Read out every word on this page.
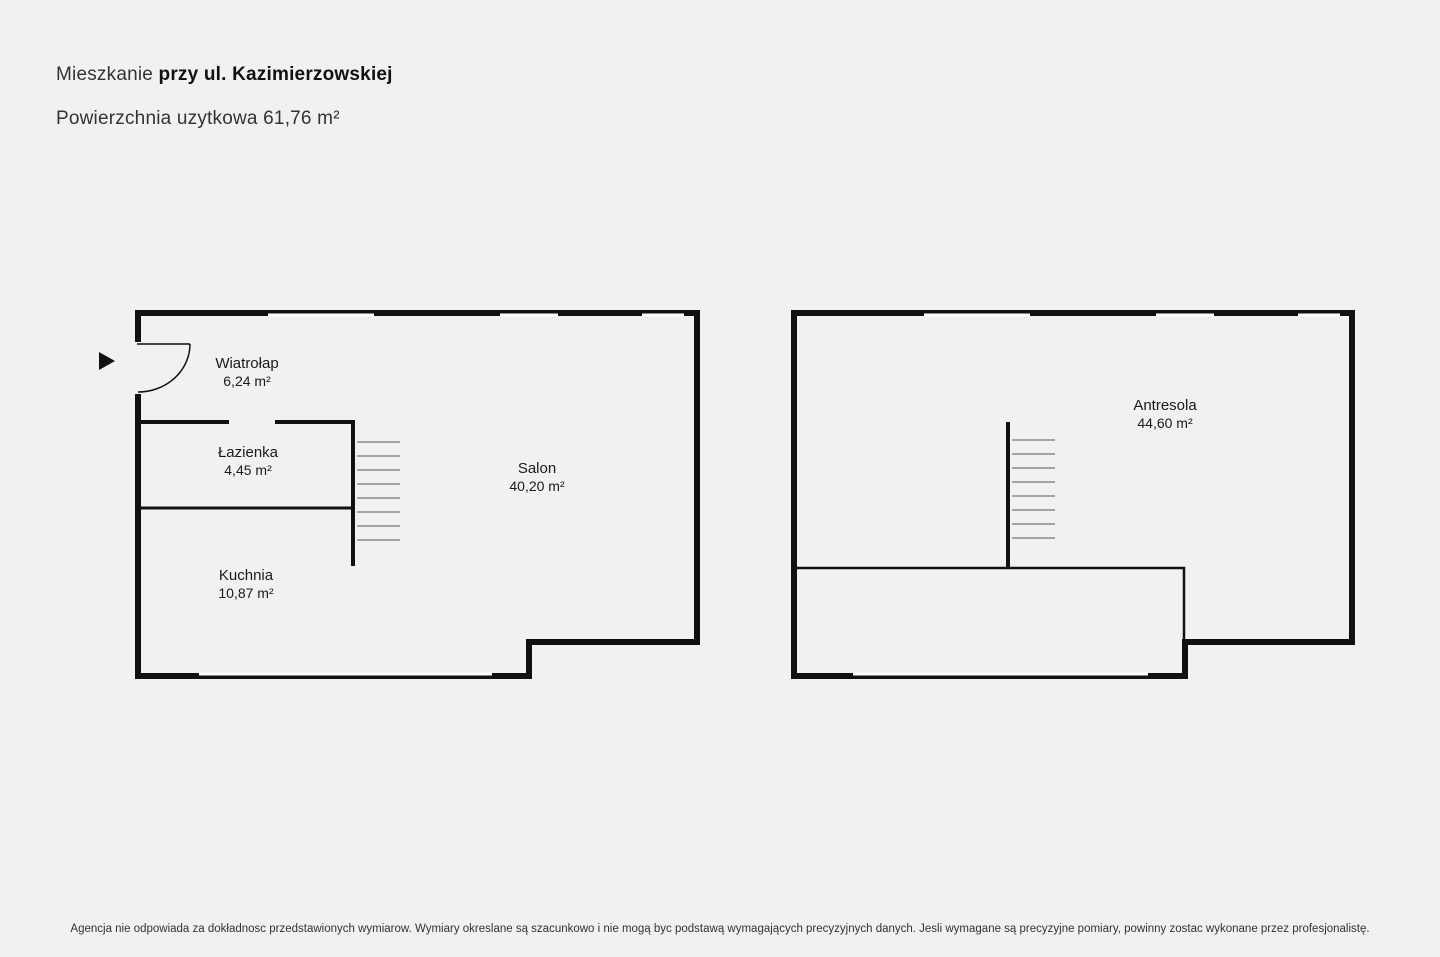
Mieszkanie przy ul. Kazimierzowskiej
Powierzchnia uzytkowa 61,76 m²
Wiatrołap
6,24 m²
Łazienka
4,45 m²
Kuchnia
10,87 m²
Salon
40,20 m²
Antresola
44,60 m²
Agencja nie odpowiada za dokładnosc przedstawionych wymiarow. Wymiary okreslane są szacunkowo i nie mogą byc podstawą wymagających precyzyjnych danych. Jesli wymagane są precyzyjne pomiary, powinny zostac wykonane przez profesjonalistę.
